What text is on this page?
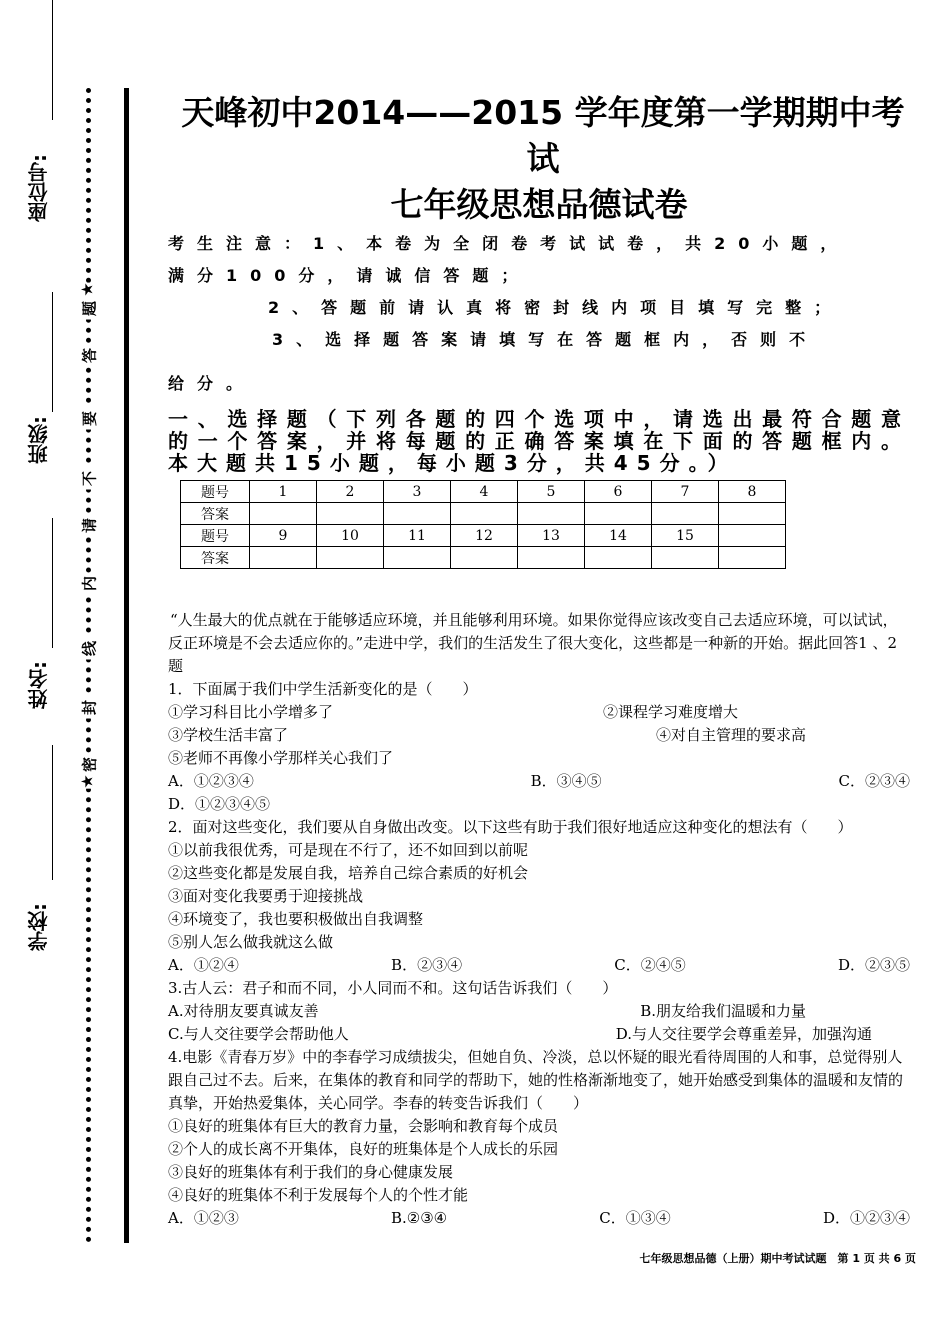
座位号:
班级:
姓名:
学校:
★
题
答
要
不
请
内
线
封
密
★
天峰初中2014——2015 学年度第一学期期中考试
七年级思想品德试卷

考生注意：1、本卷为全闭卷考试试卷，共20小题，

满分100分，请诚信答题；

2、答题前请认真将密封线内项目填写完整；

3、选择题答案请填写在答题框内，否则不

给分。

一、选择题（下列各题的四个选项中，请选出最符合题意的一个答案，并将每题的正确答案填在下面的答题框内。本大题共15小题，每小题3分，共45分。）

题号	1	2	3	4	5	6	7	8
答案								
题号	9	10	11	12	13	14	15	
答案								

“人生最大的优点就在于能够适应环境，并且能够利用环境。如果你觉得应该改变自己去适应环境，可以试试，反正环境是不会去适应你的。”走进中学，我们的生活发生了很大变化，这些都是一种新的开始。据此回答1 、2 题

1．下面属于我们中学生活新变化的是（　　）

①学习科目比小学增多了	②课程学习难度增大
③学校生活丰富了	④对自主管理的要求高

⑤老师不再像小学那样关心我们了

A．①②③④	B．③④⑤	C．②③④

D．①②③④⑤

2．面对这些变化，我们要从自身做出改变。以下这些有助于我们很好地适应这种变化的想法有（　　）

①以前我很优秀，可是现在不行了，还不如回到以前呢

②这些变化都是发展自我，培养自己综合素质的好机会

③面对变化我要勇于迎接挑战

④环境变了，我也要积极做出自我调整

⑤别人怎么做我就这么做

A．①②④	B．②③④	C．②④⑤	D．②③⑤

3.古人云：君子和而不同，小人同而不和。这句话告诉我们（　　）

A.对待朋友要真诚友善	B.朋友给我们温暖和力量
C.与人交往要学会帮助他人	D.与人交往要学会尊重差异，加强沟通

4.电影《青春万岁》中的李春学习成绩拔尖，但她自负、冷淡，总以怀疑的眼光看待周围的人和事，总觉得别人跟自己过不去。后来，在集体的教育和同学的帮助下，她的性格渐渐地变了，她开始感受到集体的温暖和友情的真挚，开始热爱集体，关心同学。李春的转变告诉我们（　　）

①良好的班集体有巨大的教育力量，会影响和教育每个成员

②个人的成长离不开集体，良好的班集体是个人成长的乐园

③良好的班集体有利于我们的身心健康发展

④良好的班集体不利于发展每个人的个性才能

A．①②③	B.②③④	C．①③④	D．①②③④
七年级思想品德（上册）期中考试试题　第 1 页 共 6 页
